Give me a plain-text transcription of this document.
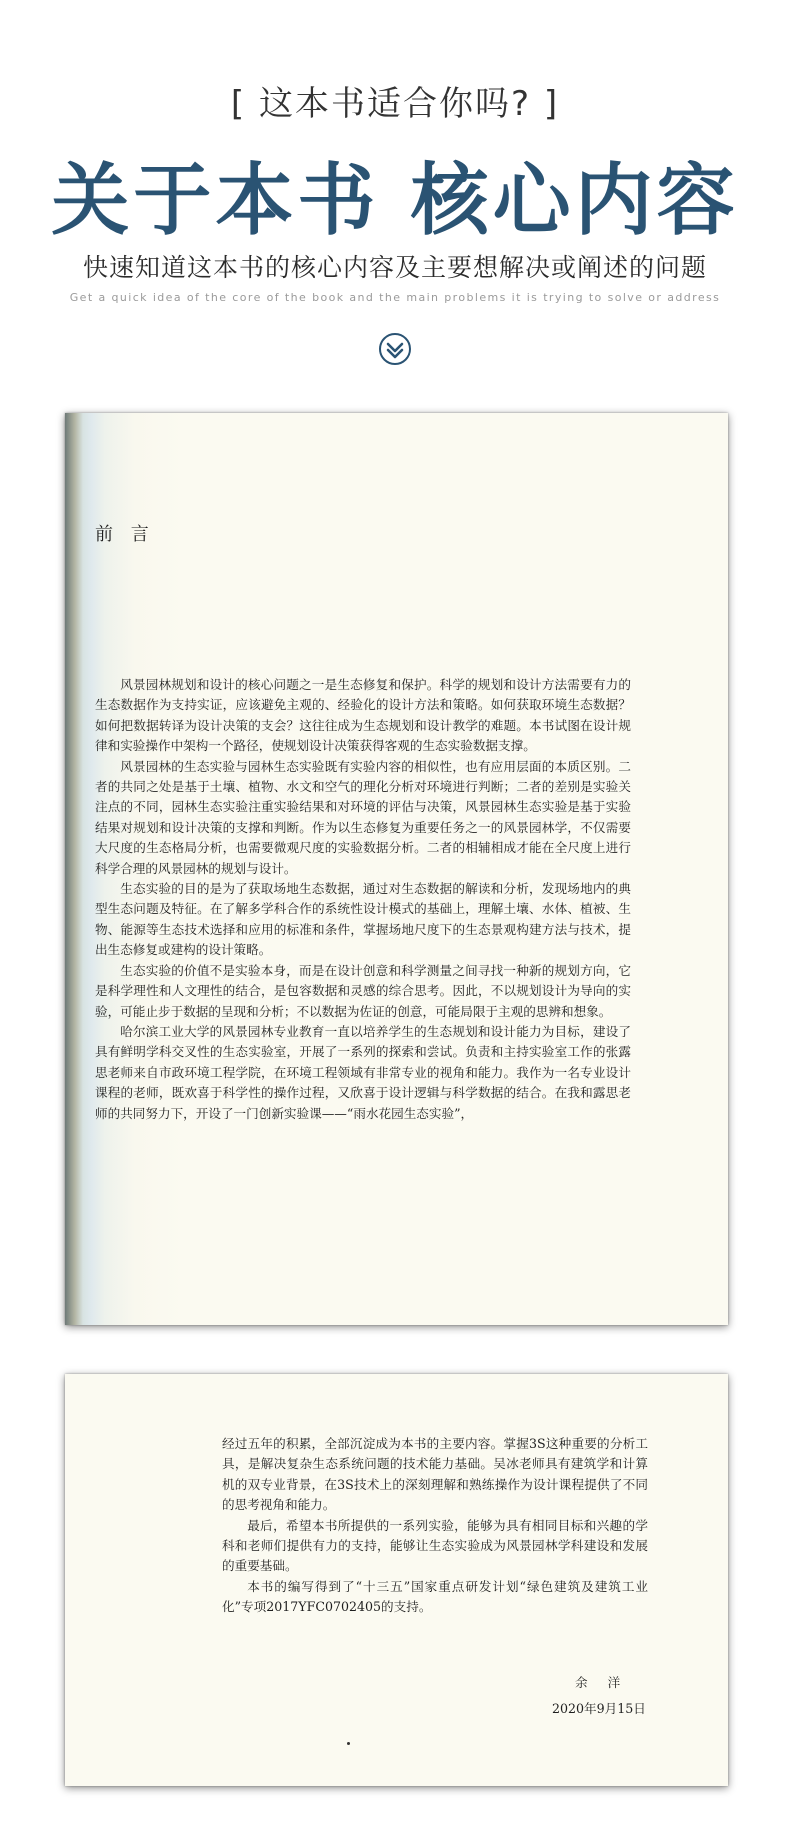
[ 这本书适合你吗? ]
关于本书 核心内容
快速知道这本书的核心内容及主要想解决或阐述的问题
Get a quick idea of the core of the book and the main problems it is trying to solve or address
前 言

风景园林规划和设计的核心问题之一是生态修复和保护。科学的规划和设计方法需要有力的生态数据作为支持实证，应该避免主观的、经验化的设计方法和策略。如何获取环境生态数据？如何把数据转译为设计决策的支会？这往往成为生态规划和设计教学的难题。本书试图在设计规律和实验操作中架构一个路径，使规划设计决策获得客观的生态实验数据支撑。

风景园林的生态实验与园林生态实验既有实验内容的相似性，也有应用层面的本质区别。二者的共同之处是基于土壤、植物、水文和空气的理化分析对环境进行判断；二者的差别是实验关注点的不同，园林生态实验注重实验结果和对环境的评估与决策，风景园林生态实验是基于实验结果对规划和设计决策的支撑和判断。作为以生态修复为重要任务之一的风景园林学，不仅需要大尺度的生态格局分析，也需要微观尺度的实验数据分析。二者的相辅相成才能在全尺度上进行科学合理的风景园林的规划与设计。

生态实验的目的是为了获取场地生态数据，通过对生态数据的解读和分析，发现场地内的典型生态问题及特征。在了解多学科合作的系统性设计模式的基础上，理解土壤、水体、植被、生物、能源等生态技术选择和应用的标准和条件，掌握场地尺度下的生态景观构建方法与技术，提出生态修复或建构的设计策略。

生态实验的价值不是实验本身，而是在设计创意和科学测量之间寻找一种新的规划方向，它是科学理性和人文理性的结合，是包容数据和灵感的综合思考。因此，不以规划设计为导向的实验，可能止步于数据的呈现和分析；不以数据为佐证的创意，可能局限于主观的思辨和想象。

哈尔滨工业大学的风景园林专业教育一直以培养学生的生态规划和设计能力为目标，建设了具有鲜明学科交叉性的生态实验室，开展了一系列的探索和尝试。负责和主持实验室工作的张露思老师来自市政环境工程学院，在环境工程领域有非常专业的视角和能力。我作为一名专业设计课程的老师，既欢喜于科学性的操作过程，又欣喜于设计逻辑与科学数据的结合。在我和露思老师的共同努力下，开设了一门创新实验课——“雨水花园生态实验”，

经过五年的积累，全部沉淀成为本书的主要内容。掌握3S这种重要的分析工具，是解决复杂生态系统问题的技术能力基础。吴冰老师具有建筑学和计算机的双专业背景，在3S技术上的深刻理解和熟练操作为设计课程提供了不同的思考视角和能力。

最后，希望本书所提供的一系列实验，能够为具有相同目标和兴趣的学科和老师们提供有力的支持，能够让生态实验成为风景园林学科建设和发展的重要基础。

本书的编写得到了“十三五”国家重点研发计划“绿色建筑及建筑工业化”专项2017YFC0702405的支持。

余 洋
2020年9月15日
